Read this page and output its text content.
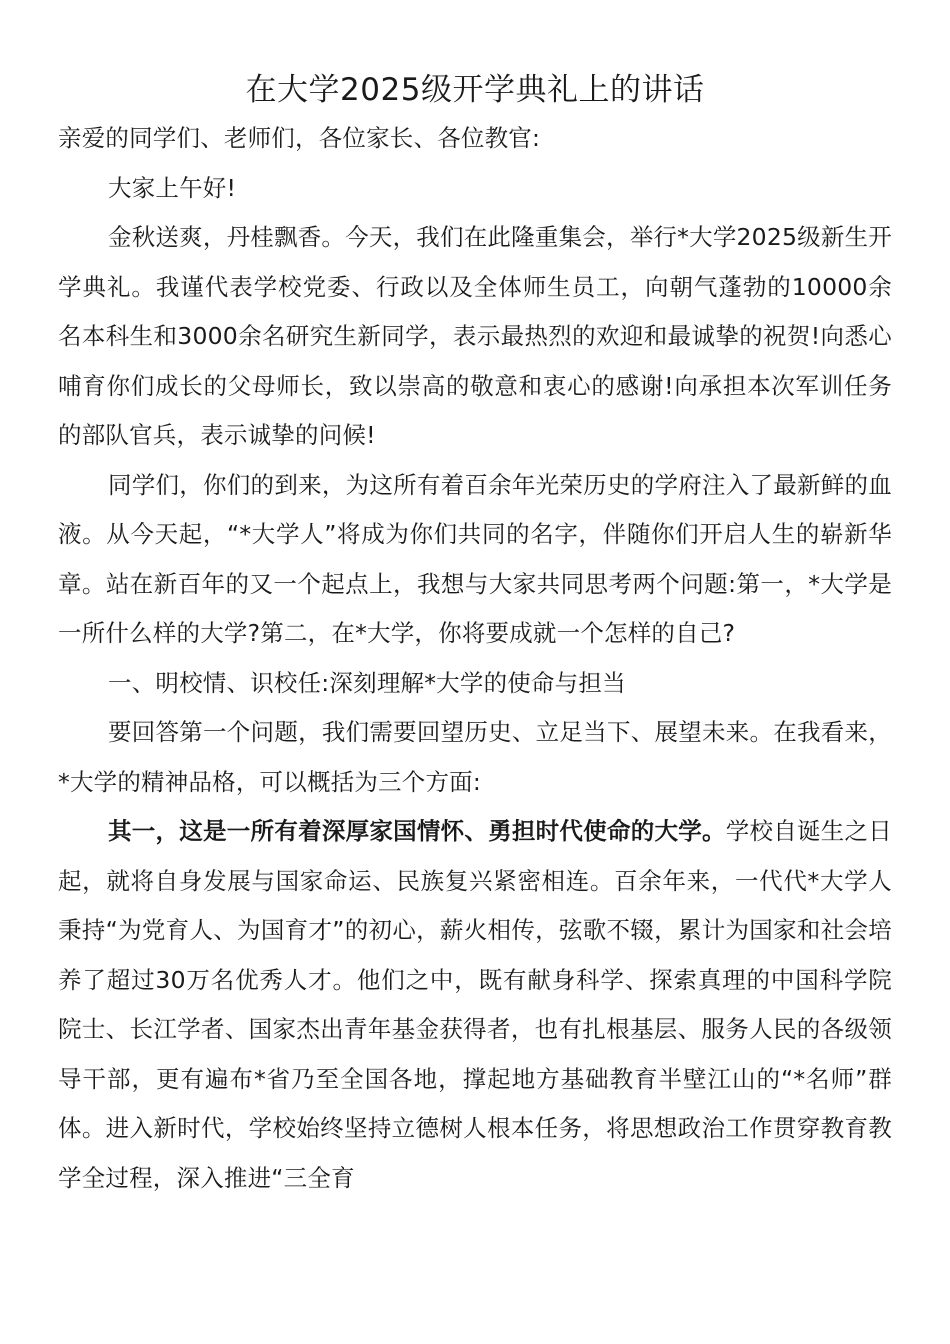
在大学2025级开学典礼上的讲话

亲爱的同学们、老师们，各位家长、各位教官:

大家上午好!

金秋送爽，丹桂飘香。今天，我们在此隆重集会，举行*大学2025级新生开学典礼。我谨代表学校党委、行政以及全体师生员工，向朝气蓬勃的10000余名本科生和3000余名研究生新同学，表示最热烈的欢迎和最诚挚的祝贺!向悉心哺育你们成长的父母师长，致以崇高的敬意和衷心的感谢!向承担本次军训任务的部队官兵，表示诚挚的问候!

同学们，你们的到来，为这所有着百余年光荣历史的学府注入了最新鲜的血液。从今天起，“*大学人”将成为你们共同的名字，伴随你们开启人生的崭新华章。站在新百年的又一个起点上，我想与大家共同思考两个问题:第一，*大学是一所什么样的大学?第二，在*大学，你将要成就一个怎样的自己?

一、明校情、识校任:深刻理解*大学的使命与担当

要回答第一个问题，我们需要回望历史、立足当下、展望未来。在我看来，*大学的精神品格，可以概括为三个方面:

其一，这是一所有着深厚家国情怀、勇担时代使命的大学。学校自诞生之日起，就将自身发展与国家命运、民族复兴紧密相连。百余年来，一代代*大学人秉持“为党育人、为国育才”的初心，薪火相传，弦歌不辍，累计为国家和社会培养了超过30万名优秀人才。他们之中，既有献身科学、探索真理的中国科学院院士、长江学者、国家杰出青年基金获得者，也有扎根基层、服务人民的各级领导干部，更有遍布*省乃至全国各地，撑起地方基础教育半壁江山的“*名师”群体。进入新时代，学校始终坚持立德树人根本任务，将思想政治工作贯穿教育教学全过程，深入推进“三全育
